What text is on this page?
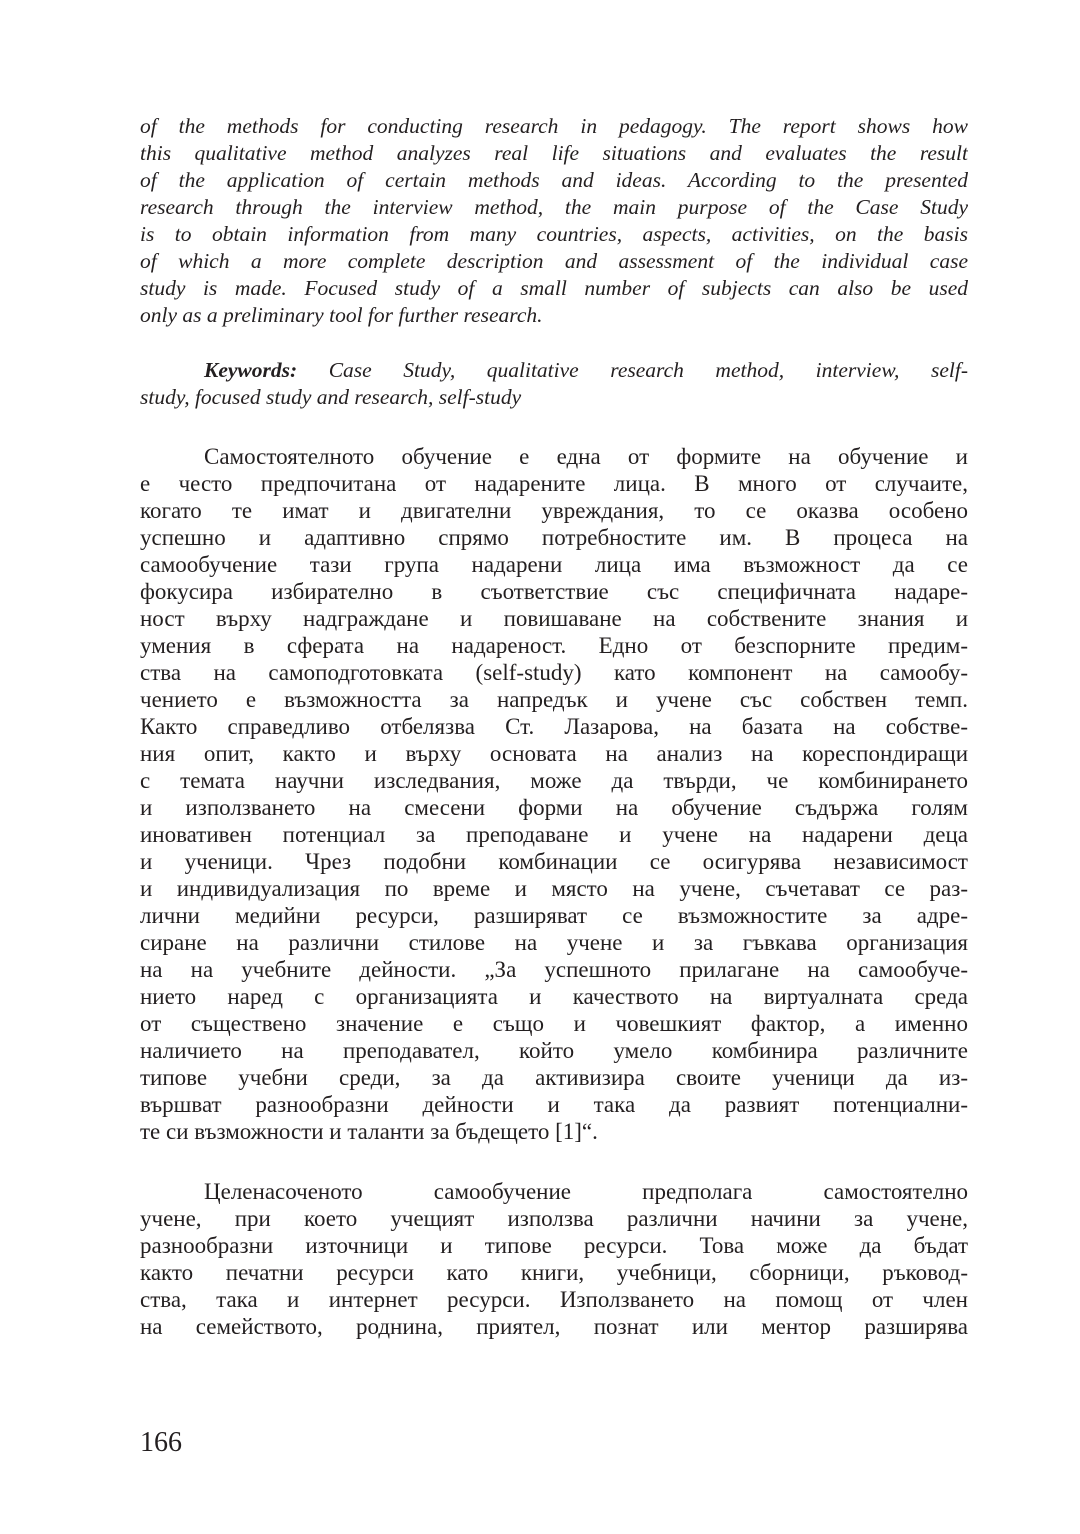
of the methods for conducting research in pedagogy. The report shows how
this qualitative method analyzes real life situations and evaluates the result
of the application of certain methods and ideas. According to the presented
research through the interview method, the main purpose of the Case Study
is to obtain information from many countries, aspects, activities, on the basis
of which a more complete description and assessment of the individual case
study is made. Focused study of a small number of subjects can also be used
only as a preliminary tool for further research.
Keywords: Case Study, qualitative research method, interview, self-
study, focused study and research, self-study
Самостоятелното обучение е една от формите на обучение и
е често предпочитана от надарените лица. В много от случаите,
когато те имат и двигателни увреждания, то се оказва особено
успешно и адаптивно спрямо потребностите им. В процеса на
самообучение тази група надарени лица има възможност да се
фокусира избирателно в съответствие със специфичната надаре-
ност върху надграждане и повишаване на собствените знания и
умения в сферата на надареност. Едно от безспорните предим-
ства на самоподготовката (self-study) като компонент на самообу-
чението е възможността за напредък и учене със собствен темп.
Както справедливо отбелязва Ст. Лазарова, на базата на собстве-
ния опит, както и върху основата на анализ на кореспондиращи
с темата научни изследвания, може да твърди, че комбинирането
и използването на смесени форми на обучение съдържа голям
иновативен потенциал за преподаване и учене на надарени деца
и ученици. Чрез подобни комбинации се осигурява независимост
и индивидуализация по време и място на учене, съчетават се раз-
лични медийни ресурси, разширяват се възможностите за адре-
сиране на различни стилове на учене и за гъвкава организация
на на учебните дейности. „За успешното прилагане на самообуче-
нието наред с организацията и качеството на виртуалната среда
от съществено значение е също и човешкият фактор, а именно
наличието на преподавател, който умело комбинира различните
типове учебни среди, за да активизира своите ученици да из-
вършват разнообразни дейности и така да развият потенциални-
те си възможности и таланти за бъдещето [1]“.
Целенасоченото самообучение предполага самостоятелно
учене, при което учещият използва различни начини за учене,
разнообразни източници и типове ресурси. Това може да бъдат
както печатни ресурси като книги, учебници, сборници, ръковод-
ства, така и интернет ресурси. Използването на помощ от член
на семейството, роднина, приятел, познат или ментор разширява
166
